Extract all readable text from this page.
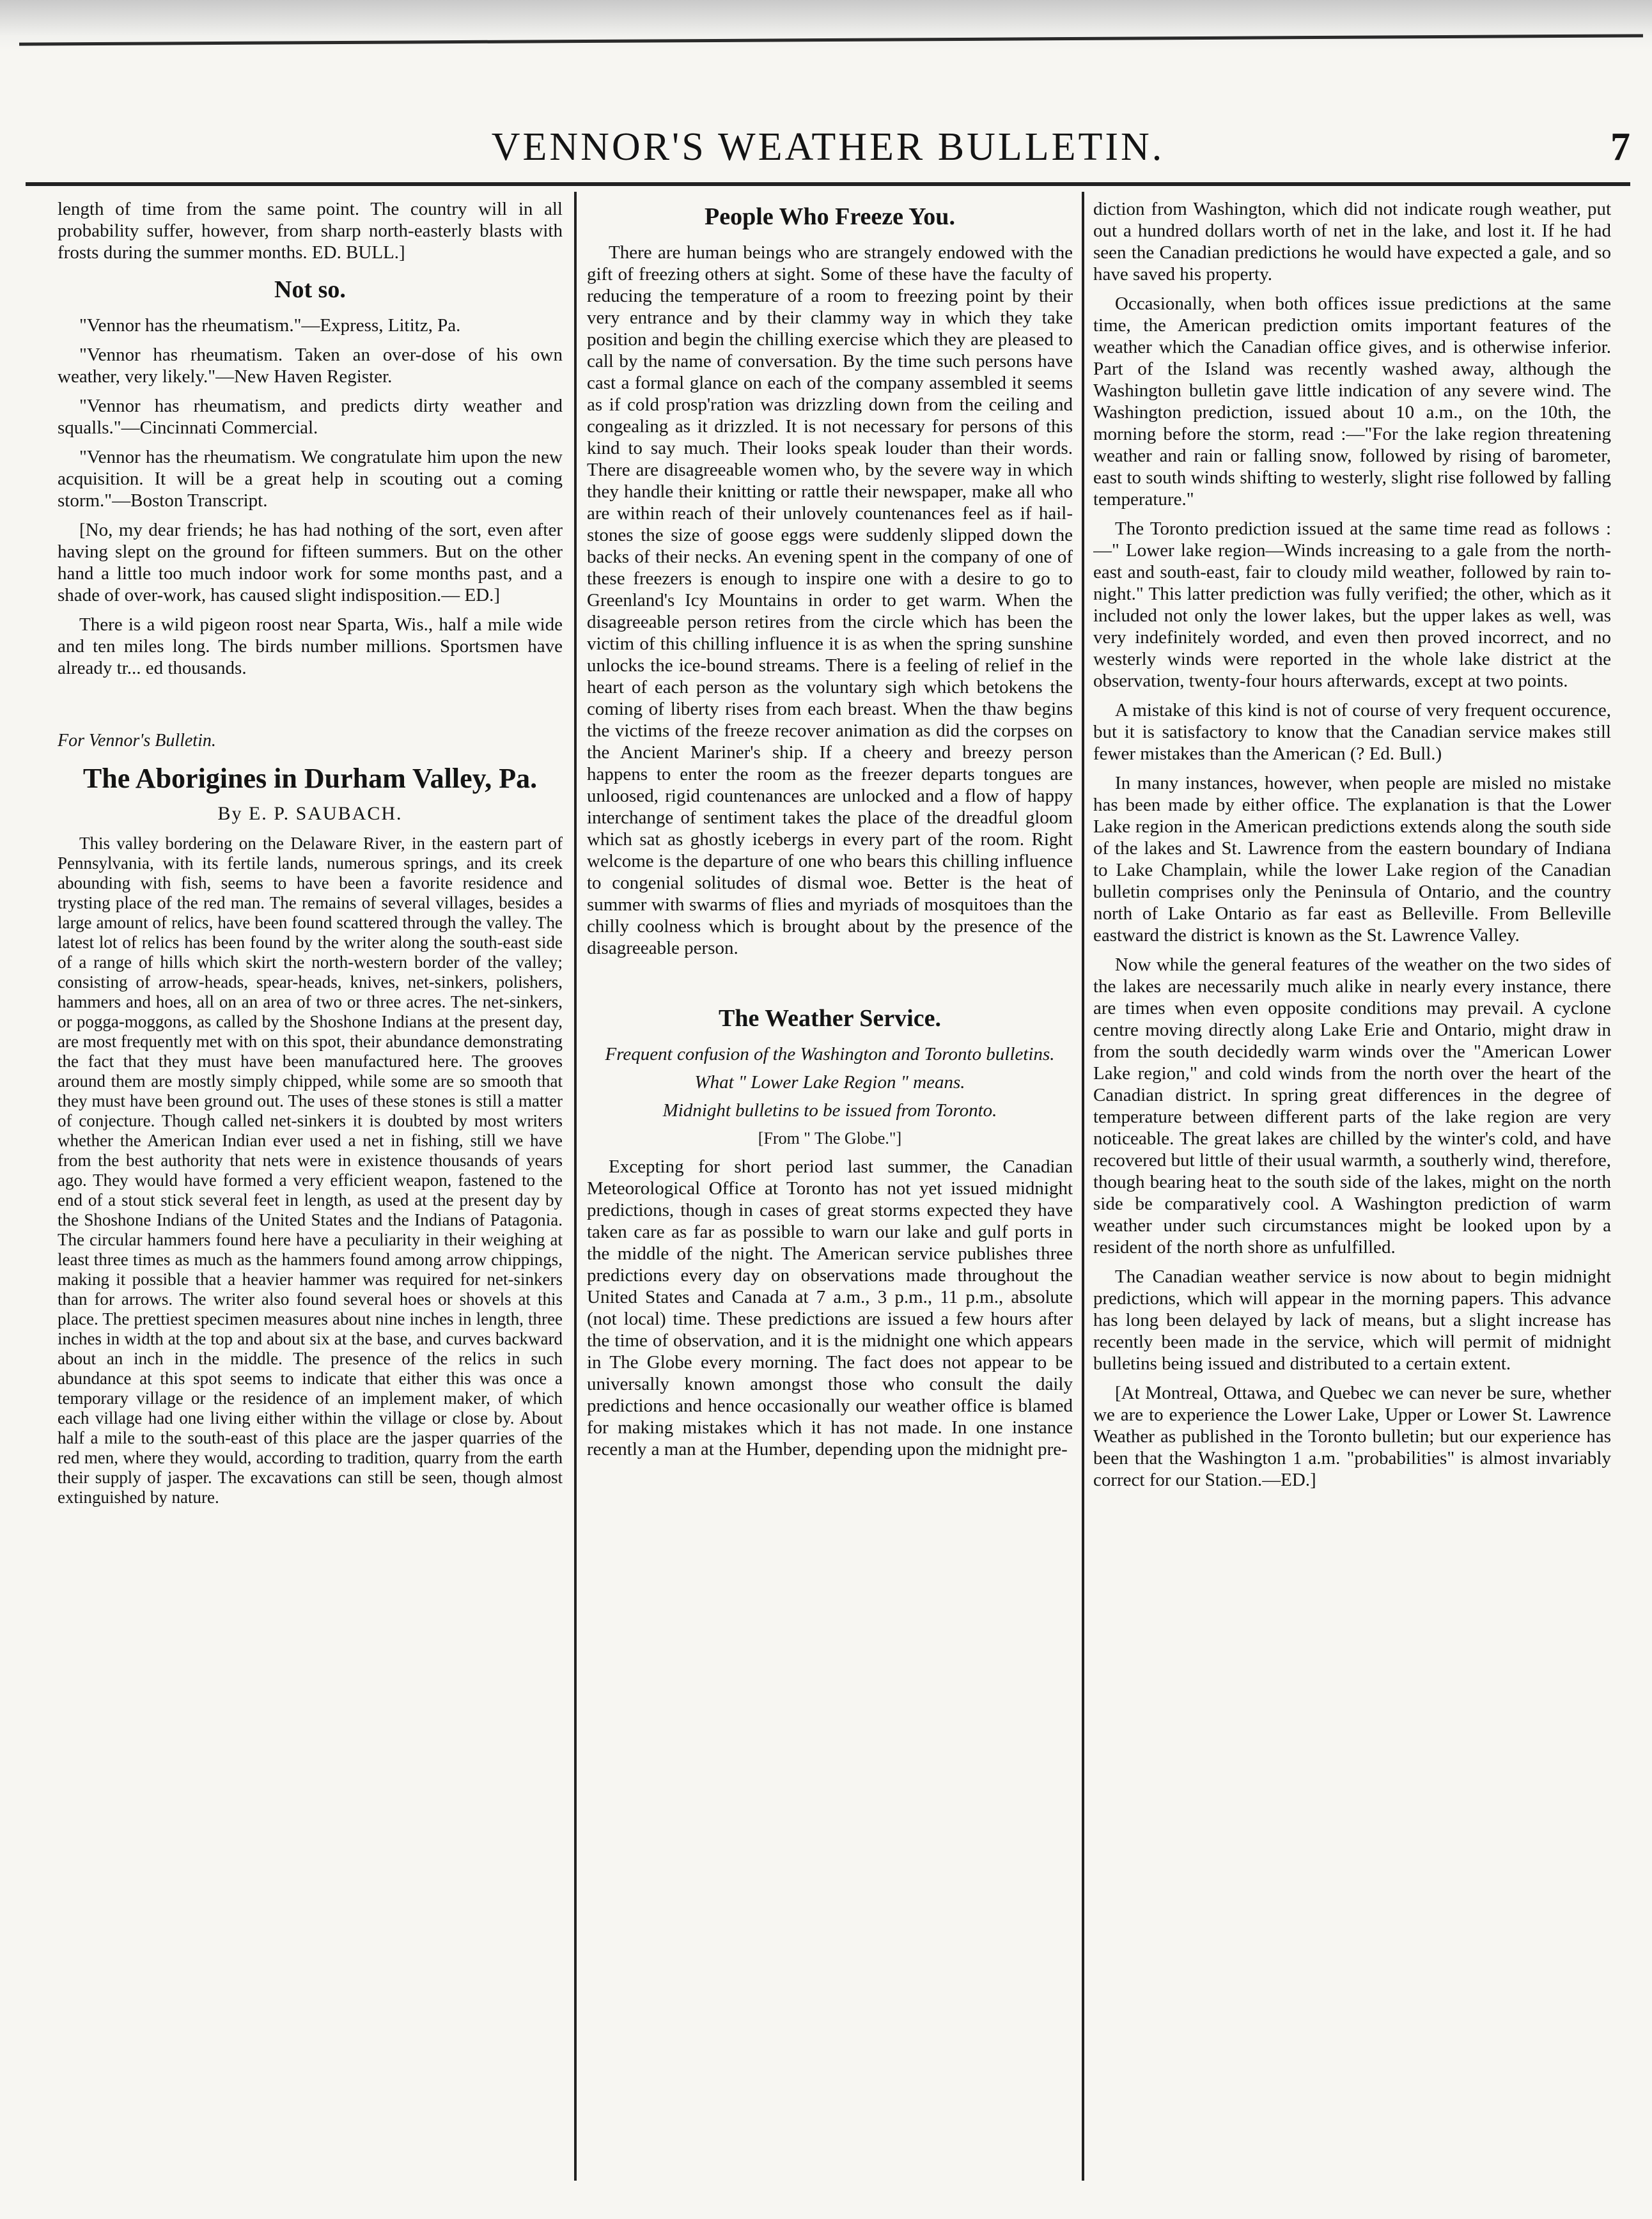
VENNOR'S WEATHER BULLETIN.	7

length of time from the same point. The country will in all probability suffer, however, from sharp north-easterly blasts with frosts during the summer months. ED. BULL.]

Not so.

"Vennor has the rheumatism."—Express, Lititz, Pa.

"Vennor has rheumatism. Taken an over-dose of his own weather, very likely."—New Haven Register.

"Vennor has rheumatism, and predicts dirty weather and squalls."—Cincinnati Commercial.

"Vennor has the rheumatism. We congratulate him upon the new acquisition. It will be a great help in scouting out a coming storm."—Boston Transcript.

[No, my dear friends; he has had nothing of the sort, even after having slept on the ground for fifteen summers. But on the other hand a little too much indoor work for some months past, and a shade of over-work, has caused slight indisposition.— ED.]

There is a wild pigeon roost near Sparta, Wis., half a mile wide and ten miles long. The birds number millions. Sportsmen have already tr... ed thousands.

For Vennor's Bulletin.
The Aborigines in Durham Valley, Pa.
By E. P. SAUBACH.

This valley bordering on the Delaware River, in the eastern part of Pennsylvania, with its fertile lands, numerous springs, and its creek abounding with fish, seems to have been a favorite residence and trysting place of the red man. The remains of several villages, besides a large amount of relics, have been found scattered through the valley. The latest lot of relics has been found by the writer along the south-east side of a range of hills which skirt the north-western border of the valley; consisting of arrow-heads, spear-heads, knives, net-sinkers, polishers, hammers and hoes, all on an area of two or three acres. The net-sinkers, or pogga-moggons, as called by the Shoshone Indians at the present day, are most frequently met with on this spot, their abundance demonstrating the fact that they must have been manufactured here. The grooves around them are mostly simply chipped, while some are so smooth that they must have been ground out. The uses of these stones is still a matter of conjecture. Though called net-sinkers it is doubted by most writers whether the American Indian ever used a net in fishing, still we have from the best authority that nets were in existence thousands of years ago. They would have formed a very efficient weapon, fastened to the end of a stout stick several feet in length, as used at the present day by the Shoshone Indians of the United States and the Indians of Patagonia. The circular hammers found here have a peculiarity in their weighing at least three times as much as the hammers found among arrow chippings, making it possible that a heavier hammer was required for net-sinkers than for arrows. The writer also found several hoes or shovels at this place. The prettiest specimen measures about nine inches in length, three inches in width at the top and about six at the base, and curves backward about an inch in the middle. The presence of the relics in such abundance at this spot seems to indicate that either this was once a temporary village or the residence of an implement maker, of which each village had one living either within the village or close by. About half a mile to the south-east of this place are the jasper quarries of the red men, where they would, according to tradition, quarry from the earth their supply of jasper. The excavations can still be seen, though almost extinguished by nature.

People Who Freeze You.

There are human beings who are strangely endowed with the gift of freezing others at sight. Some of these have the faculty of reducing the temperature of a room to freezing point by their very entrance and by their clammy way in which they take position and begin the chilling exercise which they are pleased to call by the name of conversation. By the time such persons have cast a formal glance on each of the company assembled it seems as if cold prosp'ration was drizzling down from the ceiling and congealing as it drizzled. It is not necessary for persons of this kind to say much. Their looks speak louder than their words. There are disagreeable women who, by the severe way in which they handle their knitting or rattle their newspaper, make all who are within reach of their unlovely countenances feel as if hail-stones the size of goose eggs were suddenly slipped down the backs of their necks. An evening spent in the company of one of these freezers is enough to inspire one with a desire to go to Greenland's Icy Mountains in order to get warm. When the disagreeable person retires from the circle which has been the victim of this chilling influence it is as when the spring sunshine unlocks the ice-bound streams. There is a feeling of relief in the heart of each person as the voluntary sigh which betokens the coming of liberty rises from each breast. When the thaw begins the victims of the freeze recover animation as did the corpses on the Ancient Mariner's ship. If a cheery and breezy person happens to enter the room as the freezer departs tongues are unloosed, rigid countenances are unlocked and a flow of happy interchange of sentiment takes the place of the dreadful gloom which sat as ghostly icebergs in every part of the room. Right welcome is the departure of one who bears this chilling influence to congenial solitudes of dismal woe. Better is the heat of summer with swarms of flies and myriads of mosquitoes than the chilly coolness which is brought about by the presence of the disagreeable person.

The Weather Service.
Frequent confusion of the Washington and Toronto bulletins.
What " Lower Lake Region " means.
Midnight bulletins to be issued from Toronto.
[From " The Globe."]

Excepting for short period last summer, the Canadian Meteorological Office at Toronto has not yet issued midnight predictions, though in cases of great storms expected they have taken care as far as possible to warn our lake and gulf ports in the middle of the night. The American service publishes three predictions every day on observations made throughout the United States and Canada at 7 a.m., 3 p.m., 11 p.m., absolute (not local) time. These predictions are issued a few hours after the time of observation, and it is the midnight one which appears in The Globe every morning. The fact does not appear to be universally known amongst those who consult the daily predictions and hence occasionally our weather office is blamed for making mistakes which it has not made. In one instance recently a man at the Humber, depending upon the midnight pre-

diction from Washington, which did not indicate rough weather, put out a hundred dollars worth of net in the lake, and lost it. If he had seen the Canadian predictions he would have expected a gale, and so have saved his property.

Occasionally, when both offices issue predictions at the same time, the American prediction omits important features of the weather which the Canadian office gives, and is otherwise inferior. Part of the Island was recently washed away, although the Washington bulletin gave little indication of any severe wind. The Washington prediction, issued about 10 a.m., on the 10th, the morning before the storm, read :—"For the lake region threatening weather and rain or falling snow, followed by rising of barometer, east to south winds shifting to westerly, slight rise followed by falling temperature."

The Toronto prediction issued at the same time read as follows :—" Lower lake region—Winds increasing to a gale from the north-east and south-east, fair to cloudy mild weather, followed by rain to-night." This latter prediction was fully verified; the other, which as it included not only the lower lakes, but the upper lakes as well, was very indefinitely worded, and even then proved incorrect, and no westerly winds were reported in the whole lake district at the observation, twenty-four hours afterwards, except at two points.

A mistake of this kind is not of course of very frequent occurence, but it is satisfactory to know that the Canadian service makes still fewer mistakes than the American (? Ed. Bull.)

In many instances, however, when people are misled no mistake has been made by either office. The explanation is that the Lower Lake region in the American predictions extends along the south side of the lakes and St. Lawrence from the eastern boundary of Indiana to Lake Champlain, while the lower Lake region of the Canadian bulletin comprises only the Peninsula of Ontario, and the country north of Lake Ontario as far east as Belleville. From Belleville eastward the district is known as the St. Lawrence Valley.

Now while the general features of the weather on the two sides of the lakes are necessarily much alike in nearly every instance, there are times when even opposite conditions may prevail. A cyclone centre moving directly along Lake Erie and Ontario, might draw in from the south decidedly warm winds over the "American Lower Lake region," and cold winds from the north over the heart of the Canadian district. In spring great differences in the degree of temperature between different parts of the lake region are very noticeable. The great lakes are chilled by the winter's cold, and have recovered but little of their usual warmth, a southerly wind, therefore, though bearing heat to the south side of the lakes, might on the north side be comparatively cool. A Washington prediction of warm weather under such circumstances might be looked upon by a resident of the north shore as unfulfilled.

The Canadian weather service is now about to begin midnight predictions, which will appear in the morning papers. This advance has long been delayed by lack of means, but a slight increase has recently been made in the service, which will permit of midnight bulletins being issued and distributed to a certain extent.

[At Montreal, Ottawa, and Quebec we can never be sure, whether we are to experience the Lower Lake, Upper or Lower St. Lawrence Weather as published in the Toronto bulletin; but our experience has been that the Washington 1 a.m. "probabilities" is almost invariably correct for our Station.—ED.]
